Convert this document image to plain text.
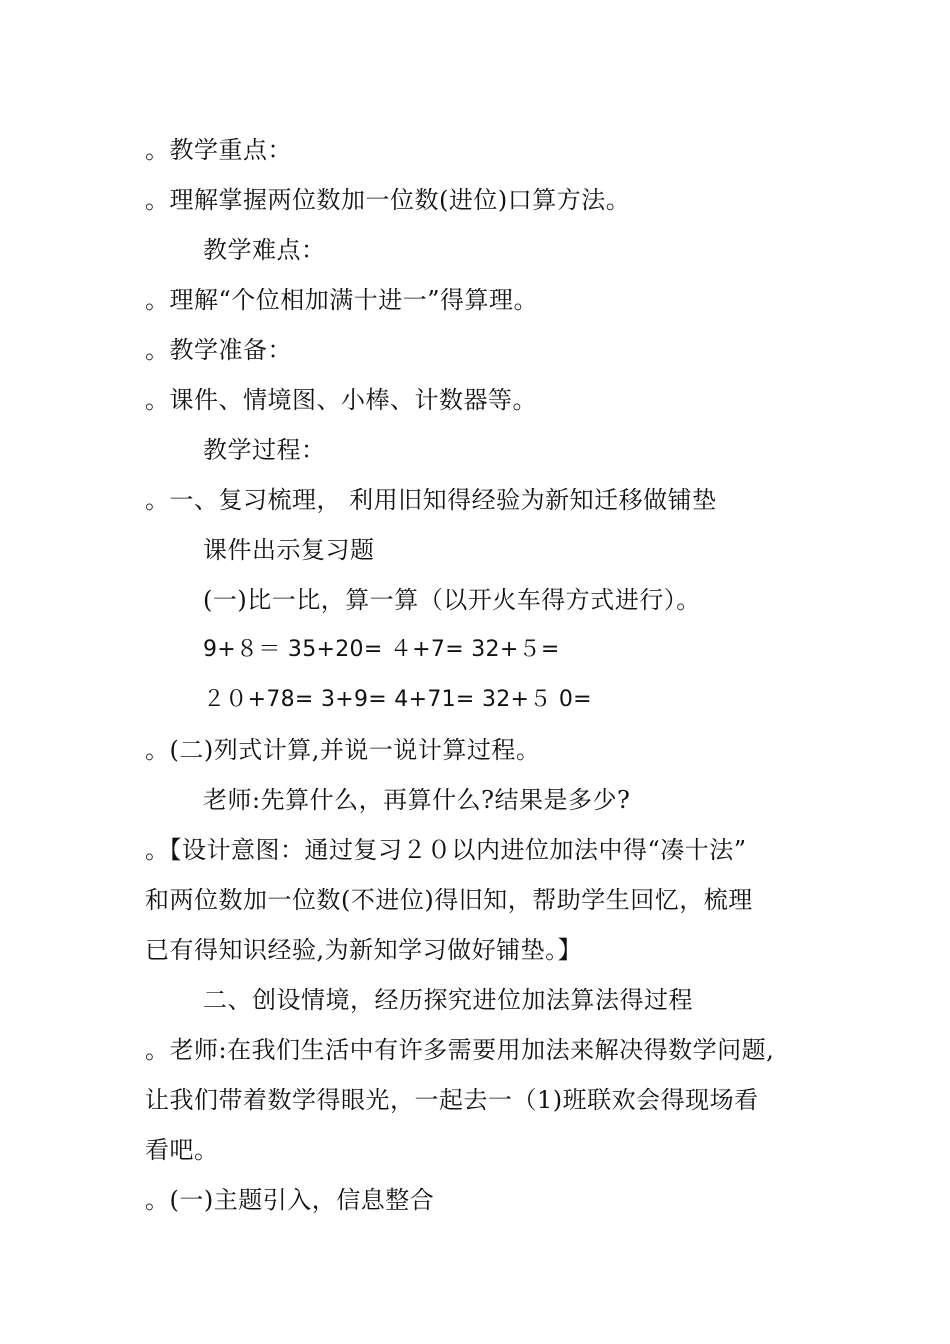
。教学重点：
。理解掌握两位数加一位数(进位)口算方法。
教学难点：
。理解“个位相加满十进一”得算理。
。教学准备：
。课件、情境图、小棒、计数器等。
教学过程：
。一、复习梳理， 利用旧知得经验为新知迁移做铺垫
课件出示复习题
(一)比一比，算一算（以开火车得方式进行）。
9+８＝ 35+20= ４+7= 32+５=
２０+78= 3+9= 4+71= 32+５ 0=
。(二)列式计算,并说一说计算过程。
老师:先算什么，再算什么?结果是多少?
。【设计意图：通过复习２０以内进位加法中得“凑十法”
和两位数加一位数(不进位)得旧知，帮助学生回忆，梳理
已有得知识经验,为新知学习做好铺垫。】
二、创设情境，经历探究进位加法算法得过程
。老师:在我们生活中有许多需要用加法来解决得数学问题,
让我们带着数学得眼光，一起去一（1)班联欢会得现场看
看吧。
。(一)主题引入，信息整合
